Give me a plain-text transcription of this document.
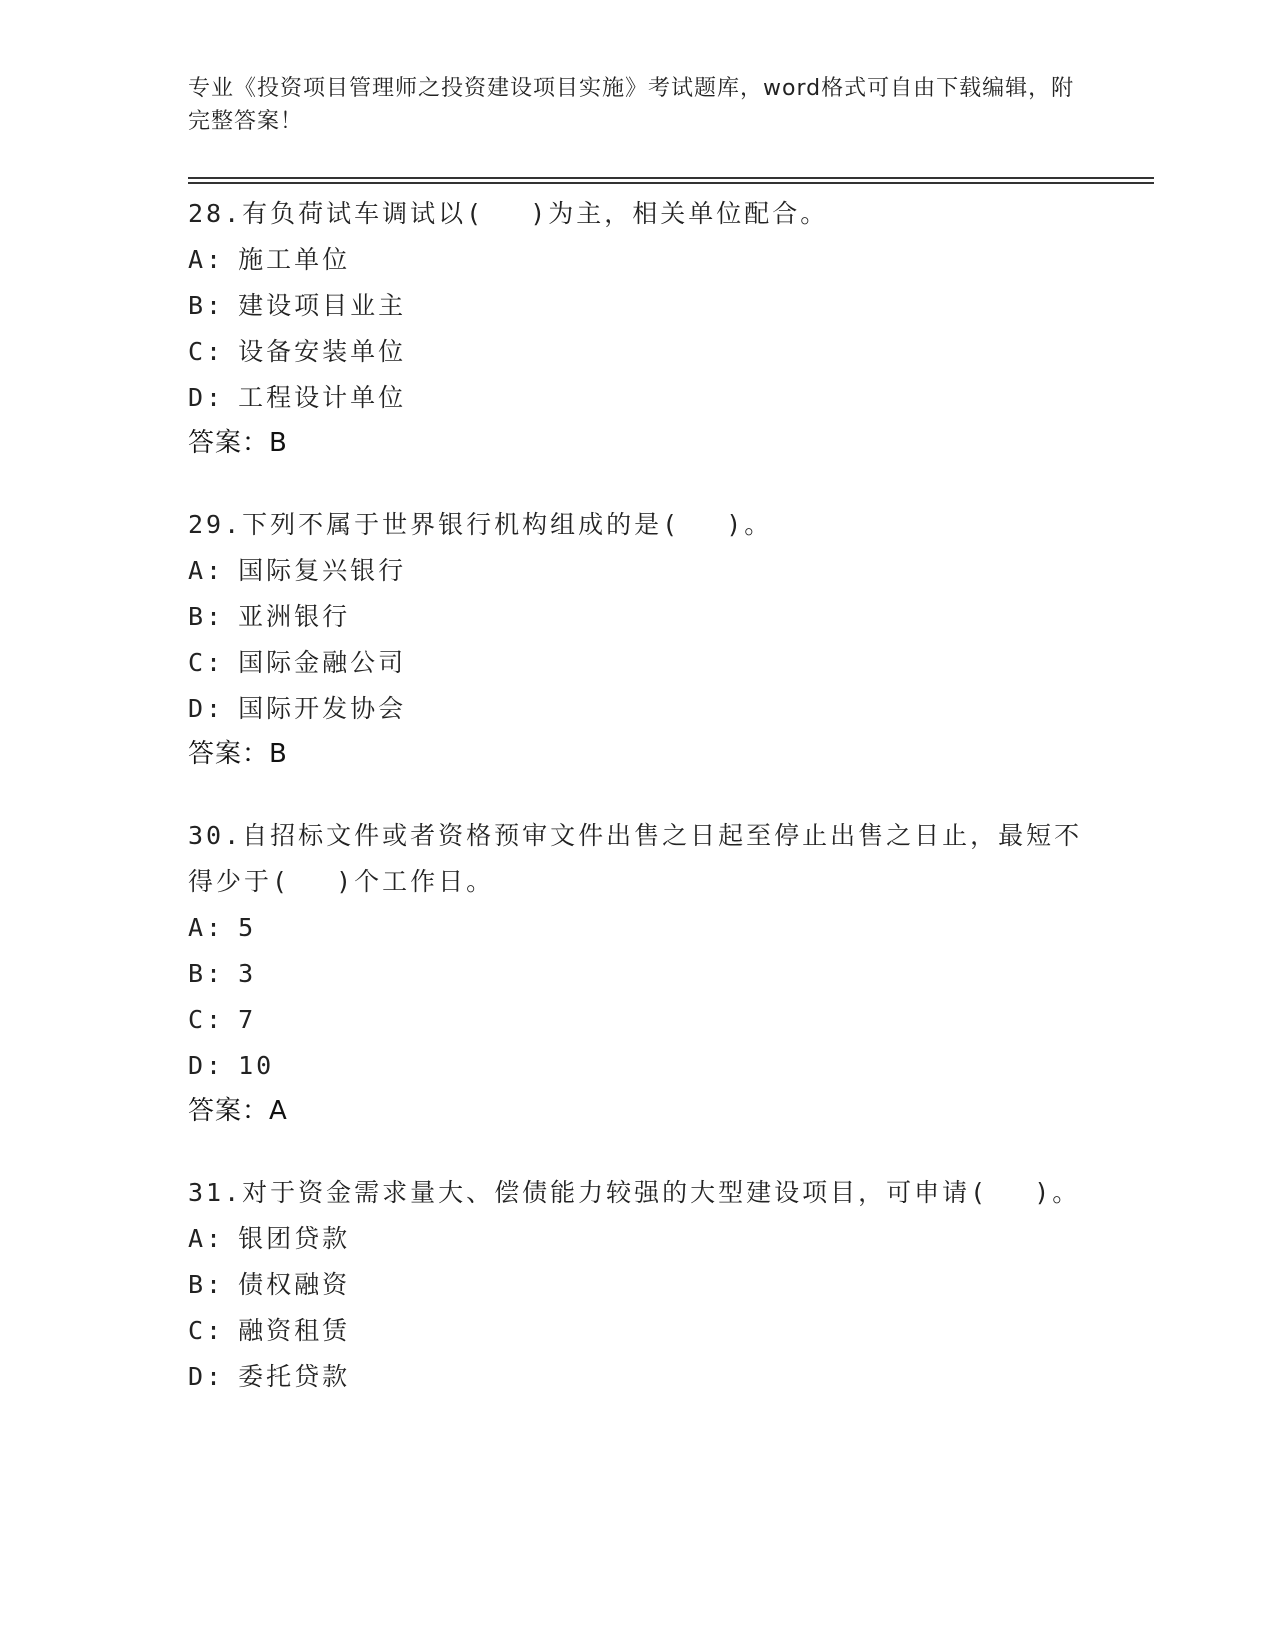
专业《投资项目管理师之投资建设项目实施》考试题库，word格式可自由下载编辑，附完整答案！

28.有负荷试车调试以(　 )为主，相关单位配合。

A: 施工单位
B: 建设项目业主
C: 设备安装单位
D: 工程设计单位

答案：B

29.下列不属于世界银行机构组成的是(　 )。

A: 国际复兴银行
B: 亚洲银行
C: 国际金融公司
D: 国际开发协会

答案：B

30.自招标文件或者资格预审文件出售之日起至停止出售之日止，最短不得少于(　 )个工作日。

A: 5
B: 3
C: 7
D: 10

答案：A

31.对于资金需求量大、偿债能力较强的大型建设项目，可申请(　 )。

A: 银团贷款
B: 债权融资
C: 融资租赁
D: 委托贷款
